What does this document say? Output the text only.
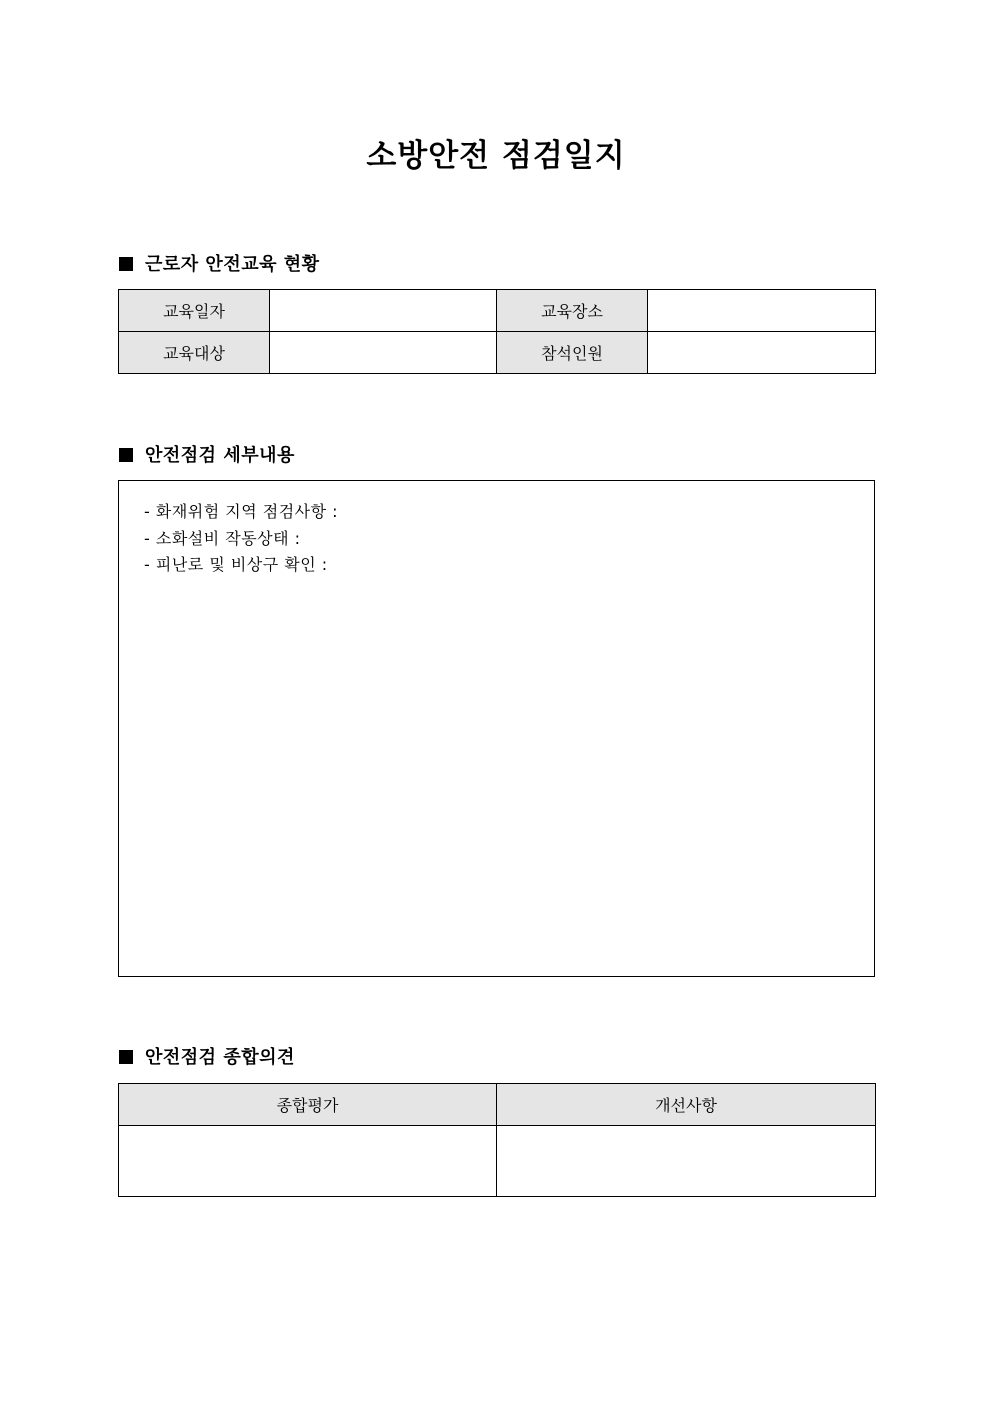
소방안전 점검일지
근로자 안전교육 현황
교육일자		교육장소	
교육대상		참석인원	
안전점검 세부내용
- 화재위험 지역 점검사항 :
- 소화설비 작동상태 :
- 피난로 및 비상구 확인 :
안전점검 종합의견
종합평가	개선사항
